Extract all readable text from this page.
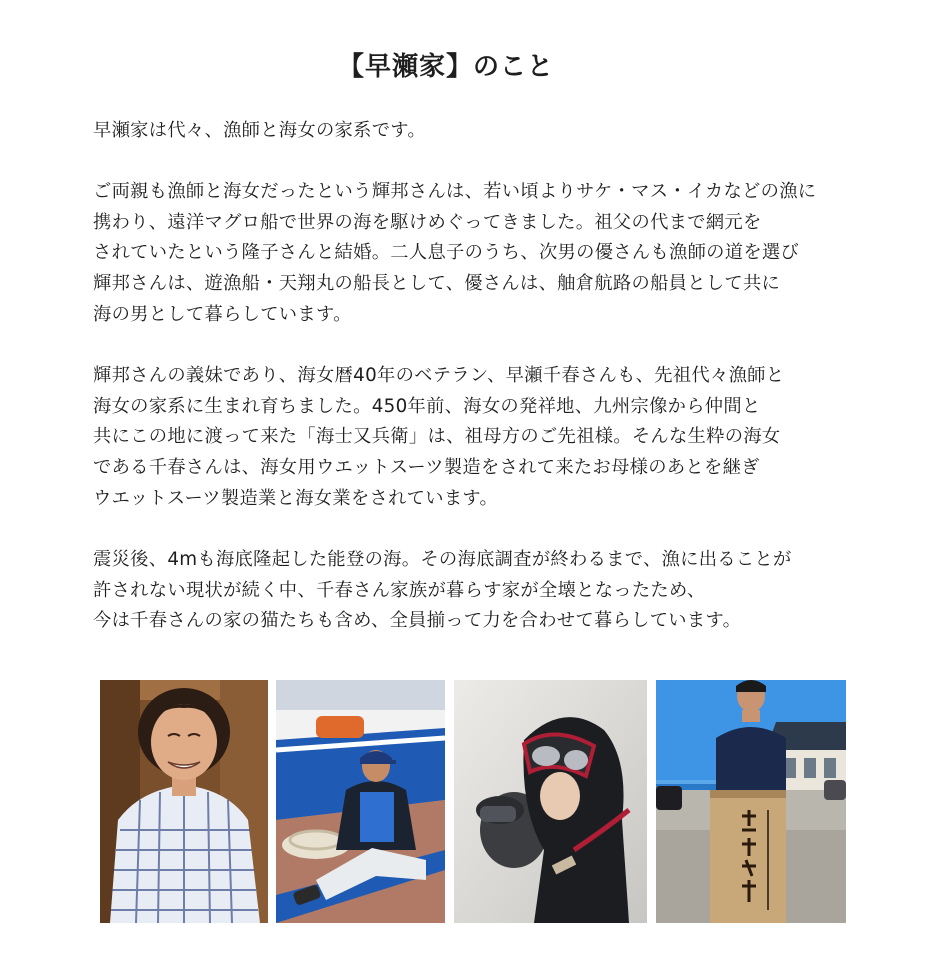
【早瀬家】のこと
早瀬家は代々、漁師と海女の家系です。
ご両親も漁師と海女だったという輝邦さんは、若い頃よりサケ・マス・イカなどの漁に
携わり、遠洋マグロ船で世界の海を駆けめぐってきました。祖父の代まで網元を
されていたという隆子さんと結婚。二人息子のうち、次男の優さんも漁師の道を選び
輝邦さんは、遊漁船・天翔丸の船長として、優さんは、舳倉航路の船員として共に
海の男として暮らしています。
輝邦さんの義妹であり、海女暦40年のベテラン、早瀬千春さんも、先祖代々漁師と
海女の家系に生まれ育ちました。450年前、海女の発祥地、九州宗像から仲間と
共にこの地に渡って来た「海士又兵衛」は、祖母方のご先祖様。そんな生粋の海女
である千春さんは、海女用ウエットスーツ製造をされて来たお母様のあとを継ぎ
ウエットスーツ製造業と海女業をされています。
震災後、4mも海底隆起した能登の海。その海底調査が終わるまで、漁に出ることが
許されない現状が続く中、千春さん家族が暮らす家が全壊となったため、
今は千春さんの家の猫たちも含め、全員揃って力を合わせて暮らしています。
